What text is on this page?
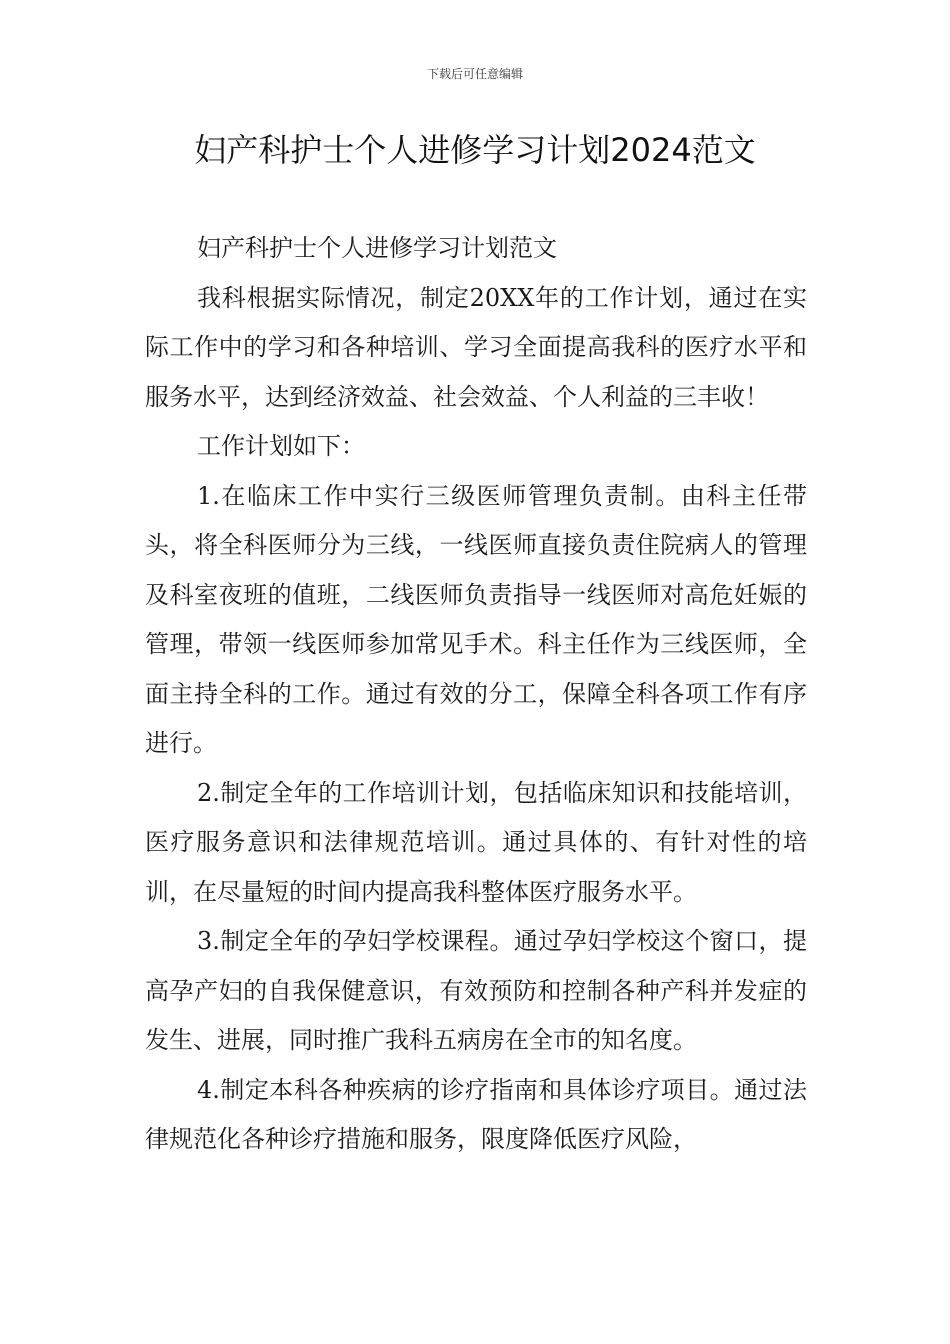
下载后可任意编辑
妇产科护士个人进修学习计划2024范文

妇产科护士个人进修学习计划范文

我科根据实际情况，制定20XX年的工作计划，通过在实际工作中的学习和各种培训、学习全面提高我科的医疗水平和服务水平，达到经济效益、社会效益、个人利益的三丰收！

工作计划如下：

1.在临床工作中实行三级医师管理负责制。由科主任带头，将全科医师分为三线，一线医师直接负责住院病人的管理及科室夜班的值班，二线医师负责指导一线医师对高危妊娠的管理，带领一线医师参加常见手术。科主任作为三线医师，全面主持全科的工作。通过有效的分工，保障全科各项工作有序进行。

2.制定全年的工作培训计划，包括临床知识和技能培训，医疗服务意识和法律规范培训。通过具体的、有针对性的培训，在尽量短的时间内提高我科整体医疗服务水平。

3.制定全年的孕妇学校课程。通过孕妇学校这个窗口，提高孕产妇的自我保健意识，有效预防和控制各种产科并发症的发生、进展，同时推广我科五病房在全市的知名度。

4.制定本科各种疾病的诊疗指南和具体诊疗项目。通过法律规范化各种诊疗措施和服务，限度降低医疗风险，
